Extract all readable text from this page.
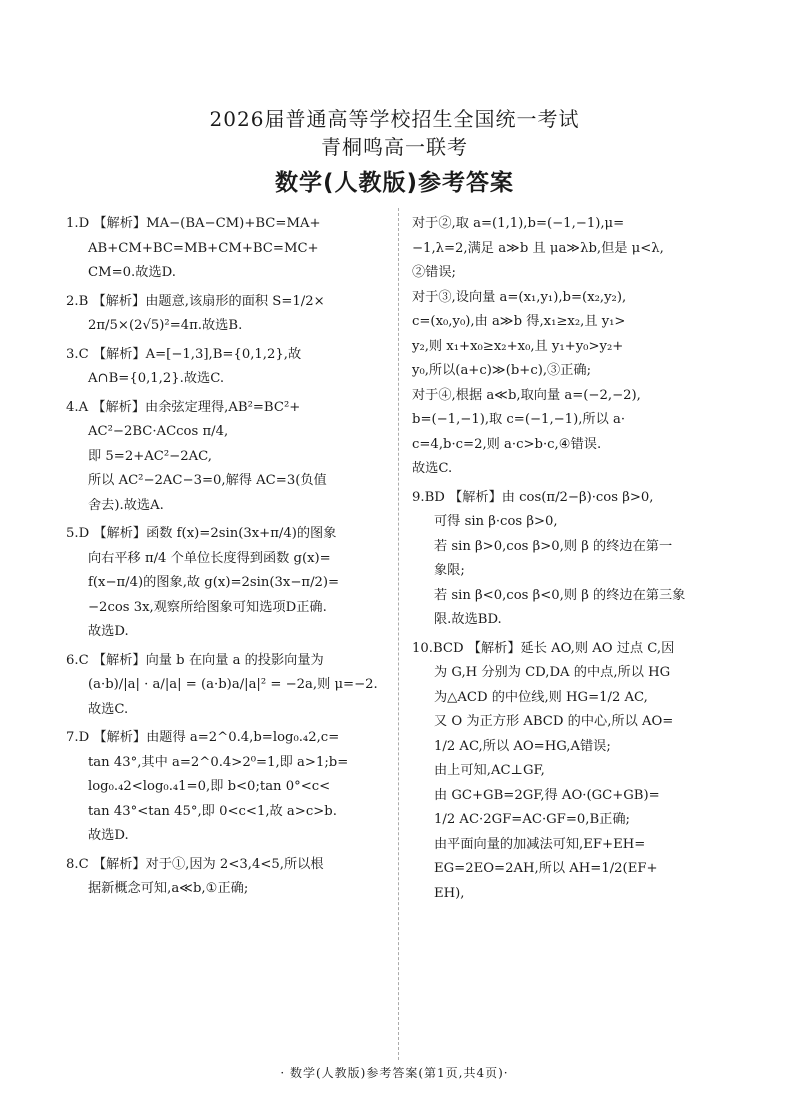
2026届普通高等学校招生全国统一考试
青桐鸣高一联考
数学(人教版)参考答案
1.D 【解析】MA−(BA−CM)+BC=MA+
AB+CM+BC=MB+CM+BC=MC+
CM=0.故选D.
2.B 【解析】由题意,该扇形的面积 S=1/2×
2π/5×(2√5)²=4π.故选B.
3.C 【解析】A=[−1,3],B={0,1,2},故
A∩B={0,1,2}.故选C.
4.A 【解析】由余弦定理得,AB²=BC²+
AC²−2BC·ACcos π/4,
即 5=2+AC²−2AC,
所以 AC²−2AC−3=0,解得 AC=3(负值
舍去).故选A.
5.D 【解析】函数 f(x)=2sin(3x+π/4)的图象
向右平移 π/4 个单位长度得到函数 g(x)=
f(x−π/4)的图象,故 g(x)=2sin(3x−π/2)=
−2cos 3x,观察所给图象可知选项D正确.
故选D.
6.C 【解析】向量 b 在向量 a 的投影向量为
(a·b)/|a| · a/|a| = (a·b)a/|a|² = −2a,则 μ=−2.
故选C.
7.D 【解析】由题得 a=2^0.4,b=log₀.₄2,c=
tan 43°,其中 a=2^0.4>2⁰=1,即 a>1;b=
log₀.₄2<log₀.₄1=0,即 b<0;tan 0°<c<
tan 43°<tan 45°,即 0<c<1,故 a>c>b.
故选D.
8.C 【解析】对于①,因为 2<3,4<5,所以根
据新概念可知,a≪b,①正确;
对于②,取 a=(1,1),b=(−1,−1),μ=
−1,λ=2,满足 a≫b 且 μa≫λb,但是 μ<λ,
②错误;
对于③,设向量 a=(x₁,y₁),b=(x₂,y₂),
c=(x₀,y₀),由 a≫b 得,x₁≥x₂,且 y₁>
y₂,则 x₁+x₀≥x₂+x₀,且 y₁+y₀>y₂+
y₀,所以(a+c)≫(b+c),③正确;
对于④,根据 a≪b,取向量 a=(−2,−2),
b=(−1,−1),取 c=(−1,−1),所以 a·
c=4,b·c=2,则 a·c>b·c,④错误.
故选C.
9.BD 【解析】由 cos(π/2−β)·cos β>0,
可得 sin β·cos β>0,
若 sin β>0,cos β>0,则 β 的终边在第一
象限;
若 sin β<0,cos β<0,则 β 的终边在第三象
限.故选BD.
10.BCD 【解析】延长 AO,则 AO 过点 C,因
为 G,H 分别为 CD,DA 的中点,所以 HG
为△ACD 的中位线,则 HG=1/2 AC,
又 O 为正方形 ABCD 的中心,所以 AO=
1/2 AC,所以 AO=HG,A错误;
由上可知,AC⊥GF,
由 GC+GB=2GF,得 AO·(GC+GB)=
1/2 AC·2GF=AC·GF=0,B正确;
由平面向量的加减法可知,EF+EH=
EG=2EO=2AH,所以 AH=1/2(EF+
EH),
· 数学(人教版)参考答案(第1页,共4页)·
